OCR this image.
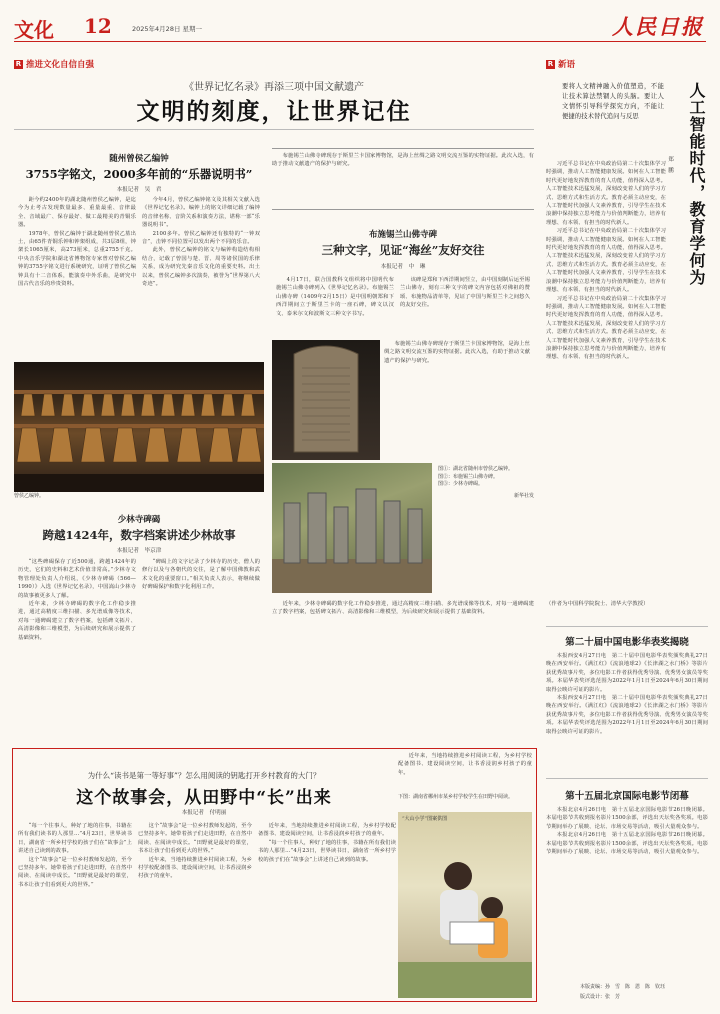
文化 12	2025年4月28日 星期一	人民日报
R 推进文化自信自强	R 新语
《世界记忆名录》再添三项中国文献遗产
文明的刻度，让世界记住
随州曾侯乙编钟
3755字铭文，2000多年前的“乐器说明书”
本报记者　吴　君

距今约2400年的湖北随州曾侯乙编钟，是迄今为止考古发现数量最多、重量最重、音律最全、音域最广、保存最好、做工最精美的青铜乐器。

1978年，曾侯乙编钟于湖北随州曾侯乙墓出土，由65件青铜乐钟和钟架组成，共3层8组，钟架长1065厘米，高273厘米，总重2755千克。中央音乐学院和湖北省博物馆专家曾对曾侯乙编钟的3755字铭文进行系统研究，证明了曾侯乙编钟具有十二音体系，能演奏中外乐曲，是研究中国古代音乐的珍贵资料。

今年4月，曾侯乙编钟铭文及其相关文献入选《世界记忆名录》。编钟上的铭文详细记载了编钟的音律名称、音阶关系和演奏方法，堪称一部“乐器说明书”。

2100多年。曾侯乙编钟还有独特的“一钟双音”，击钟不同位置可以发出两个不同的乐音。

此外，曾侯乙编钟的铭文与编钟构造结构相结合，记载了曾国与楚、晋、周等诸侯国的乐律关系，成为研究先秦音乐文化的重要史料。出土以来，曾侯乙编钟多次演奏，被誉为“世界第八大奇迹”。

曾侯乙编钟。
少林寺碑碣
跨越1424年，数字档案讲述少林故事
本报记者　毕京津

“这些碑碣保存了近500通，跨越1424年的历史，它们的史料和艺术价值非常高。”少林寺文物管理处负责人介绍说，《少林寺碑碣（566—1990）》入选《世界记忆名录》，中国嵩山少林寺的故事被更多人了解。

近年来，少林寺碑碣的数字化工作稳步推进，通过高精度三维扫描、多光谱成像等技术，对每一通碑碣建立了数字档案，包括碑文拓片、高清影像和三维模型，为后续研究和展示提供了基础资料。

“碑碣上的文字记录了少林寺的历史、僧人的修行以及与各朝代的交往，是了解中国佛教和武术文化的重要窗口。”相关负责人表示，将继续做好碑碣保护和数字化利用工作。

布施锡兰山佛寺碑现存于斯里兰卡国家博物馆，是海上丝绸之路文明交流互鉴的实物证据。此次入选，有助于推动文献遗产的保护与研究。

布施锡兰山佛寺碑
三种文字，见证“海丝”友好交往
本报记者　中　琳

4月17日，联合国教科文组织将中国明代布施锡兰山佛寺碑列入《世界记忆名录》。布施锡兰山佛寺碑（1409年2月15日）是中国明朝郑和下西洋期间立于斯里兰卡的一座石碑，碑文以汉文、泰米尔文和波斯文三种文字书写。

该碑是郑和下西洋期间竖立，由中国刻制后运至锡兰山佛寺，刻有三种文字的碑文内容包括对佛祖的赞颂、布施物品清单等，见证了中国与斯里兰卡之间悠久的友好交往。

布施锡兰山佛寺碑现存于斯里兰卡国家博物馆，是海上丝绸之路文明交流互鉴的实物证据。此次入选，有助于推动文献遗产的保护与研究。

图①：湖北省随州市曾侯乙编钟。
图②：布施锡兰山佛寺碑。
图③：少林寺碑碣。
新华社发

近年来，少林寺碑碣的数字化工作稳步推进，通过高精度三维扫描、多光谱成像等技术，对每一通碑碣建立了数字档案，包括碑文拓片、高清影像和三维模型，为后续研究和展示提供了基础资料。

要将人文精神融入价值塑造，不能让技术算法禁锢人的头脑。要让人文情怀引导科学探究方向，不能让便捷的技术替代追问与反思	人工智能时代，教育学何为
郑　鹏

习近平总书记在中央政治局第二十次集体学习时强调，推动人工智能健康发展。如何在人工智能时代更好地发挥教育的育人功能，值得深入思考。人工智能技术迅猛发展，深刻改变着人们的学习方式、思维方式和生活方式。教育必须主动应变，在人工智能时代加强人文素养教育，引导学生在技术浪潮中保持独立思考能力与价值判断能力，培养有理想、有本领、有担当的时代新人。

习近平总书记在中央政治局第二十次集体学习时强调，推动人工智能健康发展。如何在人工智能时代更好地发挥教育的育人功能，值得深入思考。人工智能技术迅猛发展，深刻改变着人们的学习方式、思维方式和生活方式。教育必须主动应变，在人工智能时代加强人文素养教育，引导学生在技术浪潮中保持独立思考能力与价值判断能力，培养有理想、有本领、有担当的时代新人。

习近平总书记在中央政治局第二十次集体学习时强调，推动人工智能健康发展。如何在人工智能时代更好地发挥教育的育人功能，值得深入思考。人工智能技术迅猛发展，深刻改变着人们的学习方式、思维方式和生活方式。教育必须主动应变，在人工智能时代加强人文素养教育，引导学生在技术浪潮中保持独立思考能力与价值判断能力，培养有理想、有本领、有担当的时代新人。

（作者为中国科学院院士、清华大学教授）
第二十届中国电影华表奖揭晓

本报西安4月27日电　第二十届中国电影华表奖颁奖典礼27日晚在西安举行。《满江红》《流浪地球2》《长津湖之水门桥》等影片获优秀故事片奖，多位电影工作者获得优秀导演、优秀男女演员等奖项。本届华表奖评选范围为2022年1月1日至2024年6月30日期间取得公映许可证的影片。

本报西安4月27日电　第二十届中国电影华表奖颁奖典礼27日晚在西安举行。《满江红》《流浪地球2》《长津湖之水门桥》等影片获优秀故事片奖，多位电影工作者获得优秀导演、优秀男女演员等奖项。本届华表奖评选范围为2022年1月1日至2024年6月30日期间取得公映许可证的影片。

第十五届北京国际电影节闭幕

本报北京4月26日电　第十五届北京国际电影节26日晚闭幕。本届电影节共收到报名影片1500余部，评选出天坛奖各奖项。电影节期间举办了展映、论坛、市场交易等活动，吸引大量观众参与。

本报北京4月26日电　第十五届北京国际电影节26日晚闭幕。本届电影节共收到报名影片1500余部，评选出天坛奖各奖项。电影节期间举办了展映、论坛、市场交易等活动，吸引大量观众参与。

本版责编：孙　雪　陈　恩　陈　钦珏
版式设计：张　芳
为什么“读书是第一等好事”？怎么用阅读的钥匙打开乡村教育的大门？
这个故事会，从田野中“长”出来
本报记者　付明丽

“每一个往事人，种好了地的往事，书籍在所有我们读书的人那里…”4月23日，世界读书日，湖南省一所乡村学校的孩子们在“故事会”上讲述自己读到的故事。

这个“故事会”是一位乡村教师发起的，至今已坚持多年。她带着孩子们走进田野，在自然中阅读、在阅读中成长。“田野就是最好的课堂，书本让孩子们看到更大的世界。”

这个“故事会”是一位乡村教师发起的，至今已坚持多年。她带着孩子们走进田野，在自然中阅读、在阅读中成长。“田野就是最好的课堂，书本让孩子们看到更大的世界。”

近年来，当地持续推进乡村阅读工程，为乡村学校配备图书、建设阅读空间，让书香浸润乡村孩子的童年。

近年来，当地持续推进乡村阅读工程，为乡村学校配备图书、建设阅读空间，让书香浸润乡村孩子的童年。

“每一个往事人，种好了地的往事，书籍在所有我们读书的人那里…”4月23日，世界读书日，湖南省一所乡村学校的孩子们在“故事会”上讲述自己读到的故事。

近年来，当地持续推进乡村阅读工程，为乡村学校配备图书、建设阅读空间，让书香浸润乡村孩子的童年。

下图：湖南省郴州市某乡村学校学生在田野中阅读。
“大山小学”图案供图
